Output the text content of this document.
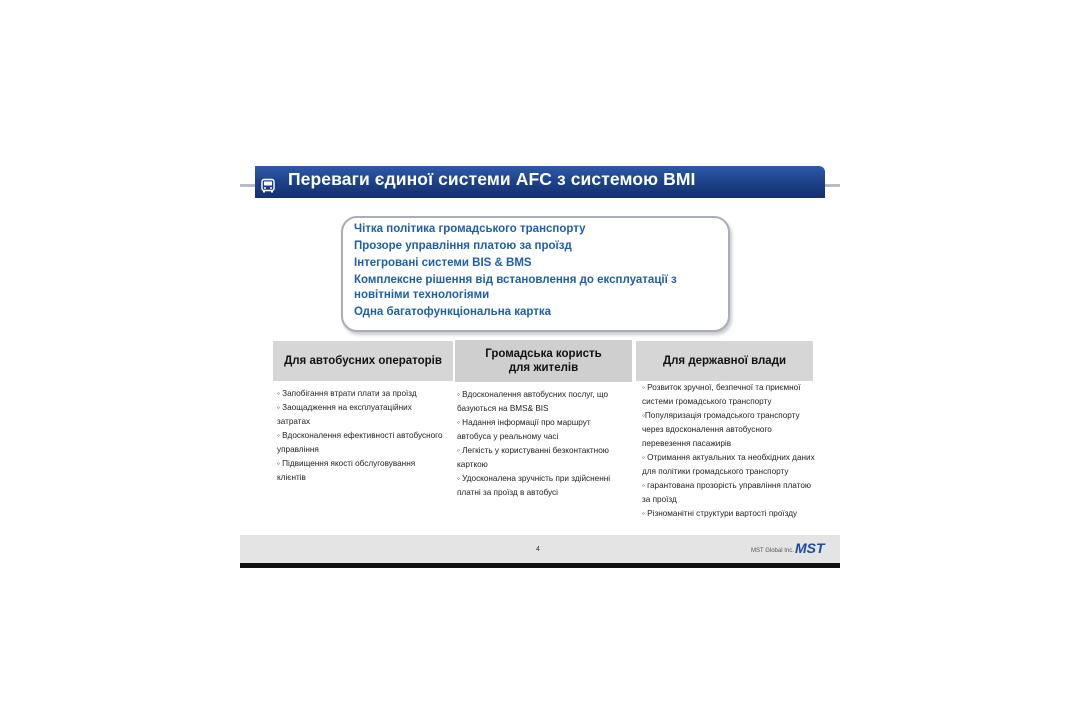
Переваги єдиної системи AFC з системою BMI
Чітка політика громадського транспорту
Прозоре управління платою за проїзд
Інтегровані системи BIS & BMS
Комплексне рішення від встановлення до експлуатації з новітніми технологіями
Одна багатофункціональна картка
Для автобусних операторів
Громадська користь
для жителів
Для державної влади

◦ Запобігання втрати плати за проїзд

◦ Заощадження на експлуатаційних затратах

◦ Вдосконалення ефективності автобусного управління

◦ Підвищення якості обслуговування клієнтів

◦ Вдосконалення автобусних послуг, що базуються на BMS& BIS

◦ Надання інформації про маршрут автобуса у реальному часі

◦ Легкість у користуванні безконтактною карткою

◦ Удосконалена зручність при здійсненні платні за проїзд в автобусі

◦ Розвиток зручної, безпечної та приємної системи громадського транспорту

◦Популяризація громадського транспорту через вдосконалення автобусного перевезення пасажирів

◦ Отримання актуальних та необхідних даних для політики громадського транспорту

◦ гарантована прозорість управління платою за проїзд

◦ Різноманітні структури вартості проїзду

4	MST Global Inc. MST
